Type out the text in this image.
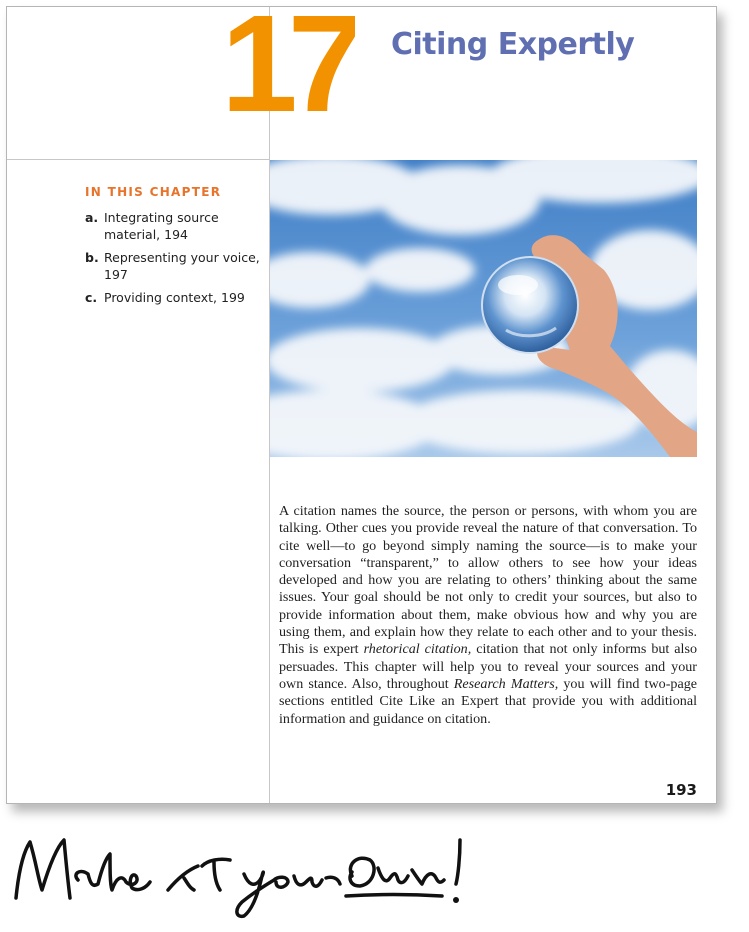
17 Citing Expertly
IN THIS CHAPTER
a. Integrating source material, 194
b. Representing your voice, 197
c. Providing context, 199

A citation names the source, the person or persons, with whom you are talking. Other cues you provide reveal the nature of that conversation. To cite well—to go beyond simply naming the source—is to make your conversation “transparent,” to allow others to see how your ideas developed and how you are relating to others’ thinking about the same issues. Your goal should be not only to credit your sources, but also to provide information about them, make obvious how and why you are using them, and explain how they relate to each other and to your thesis. This is expert rhetorical citation, citation that not only informs but also persuades. This chapter will help you to reveal your sources and your own stance. Also, throughout Research Matters, you will find two-page sections entitled Cite Like an Expert that provide you with additional information and guidance on citation.

193
